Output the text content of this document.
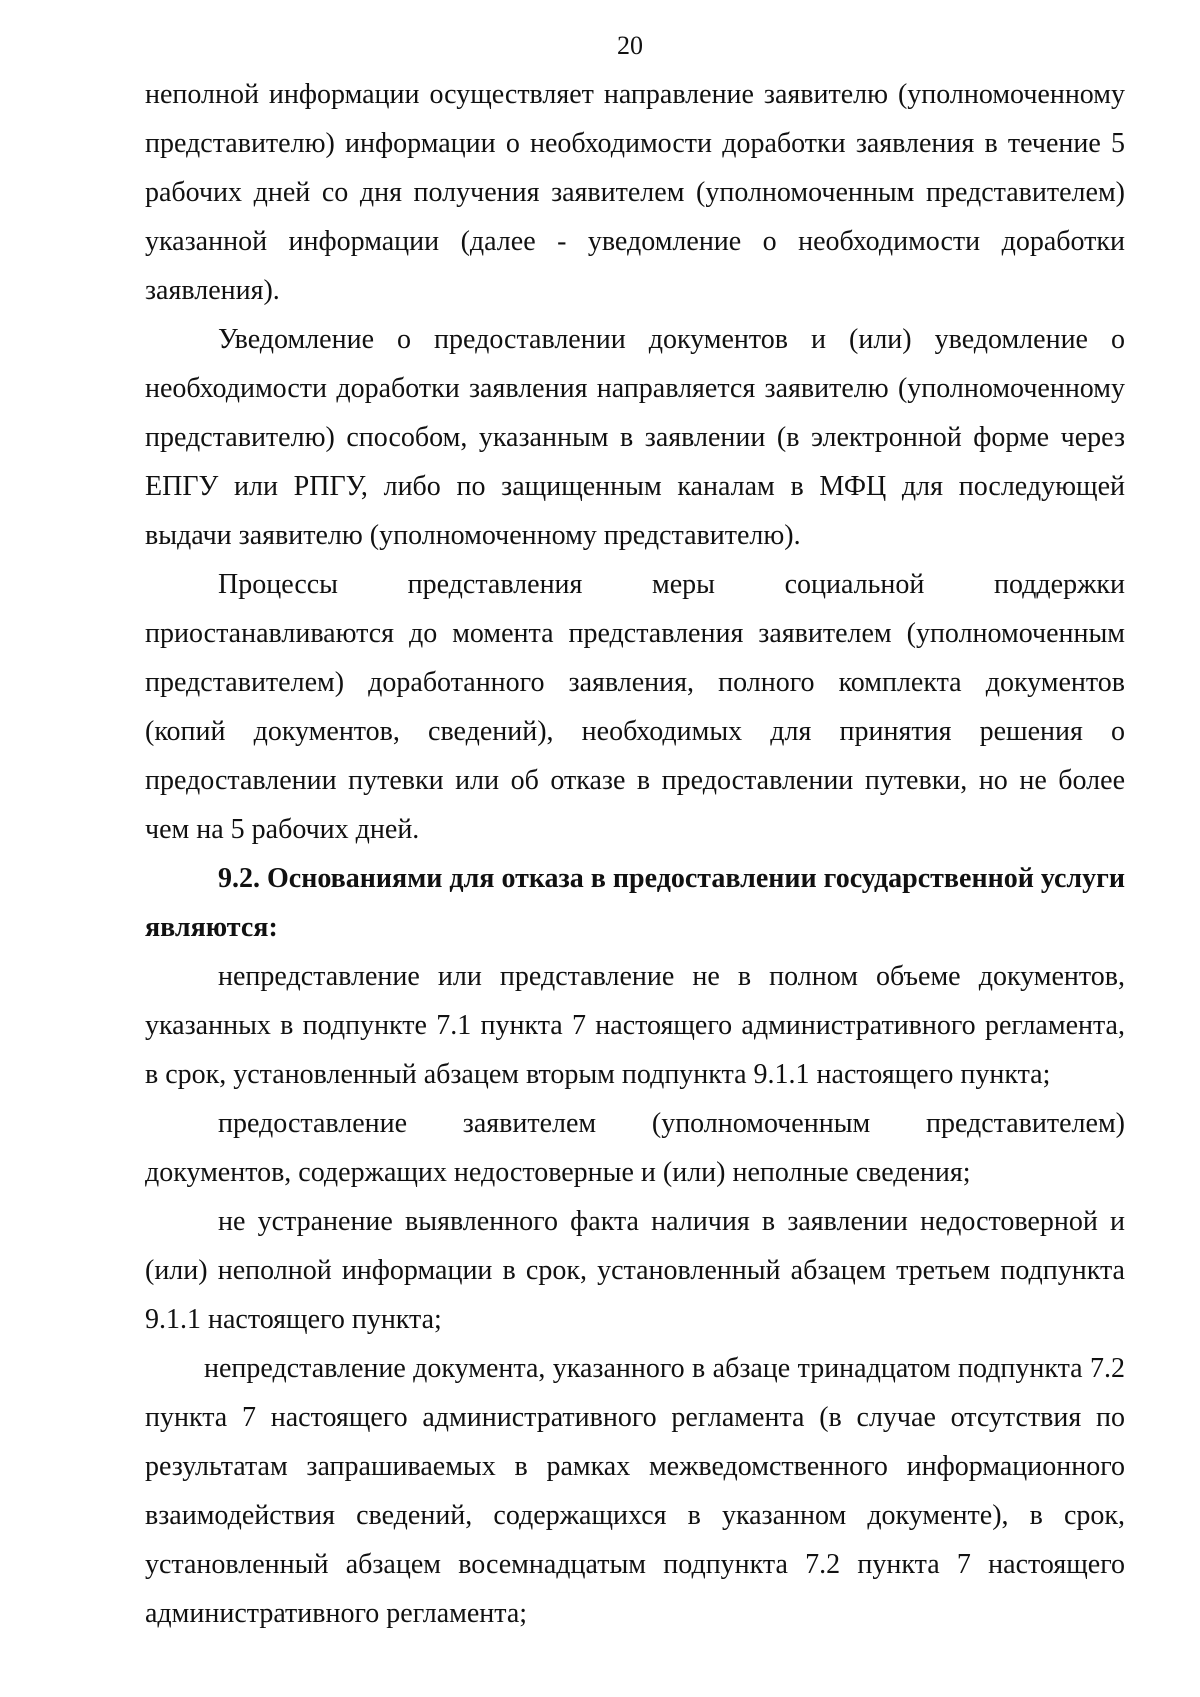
20

неполной информации осуществляет направление заявителю (уполномоченному представителю) информации о необходимости доработки заявления в течение 5 рабочих дней со дня получения заявителем (уполномоченным представителем) указанной информации (далее - уведомление о необходимости доработки заявления).

Уведомление о предоставлении документов и (или) уведомление о необходимости доработки заявления направляется заявителю (уполномоченному представителю) способом, указанным в заявлении (в электронной форме через ЕПГУ или РПГУ, либо по защищенным каналам в МФЦ для последующей выдачи заявителю (уполномоченному представителю).

Процессы представления меры социальной поддержки приостанавливаются до момента представления заявителем (уполномоченным представителем) доработанного заявления, полного комплекта документов (копий документов, сведений), необходимых для принятия решения о предоставлении путевки или об отказе в предоставлении путевки, но не более чем на 5 рабочих дней.

9.2. Основаниями для отказа в предоставлении государственной услуги являются:

непредставление или представление не в полном объеме документов, указанных в подпункте 7.1 пункта 7 настоящего административного регламента, в срок, установленный абзацем вторым подпункта 9.1.1 настоящего пункта;

предоставление заявителем (уполномоченным представителем) документов, содержащих недостоверные и (или) неполные сведения;

не устранение выявленного факта наличия в заявлении недостоверной и (или) неполной информации в срок, установленный абзацем третьем подпункта 9.1.1 настоящего пункта;

непредставление документа, указанного в абзаце тринадцатом подпункта 7.2 пункта 7 настоящего административного регламента (в случае отсутствия по результатам запрашиваемых в рамках межведомственного информационного взаимодействия сведений, содержащихся в указанном документе), в срок, установленный абзацем восемнадцатым подпункта 7.2 пункта 7 настоящего административного регламента;
